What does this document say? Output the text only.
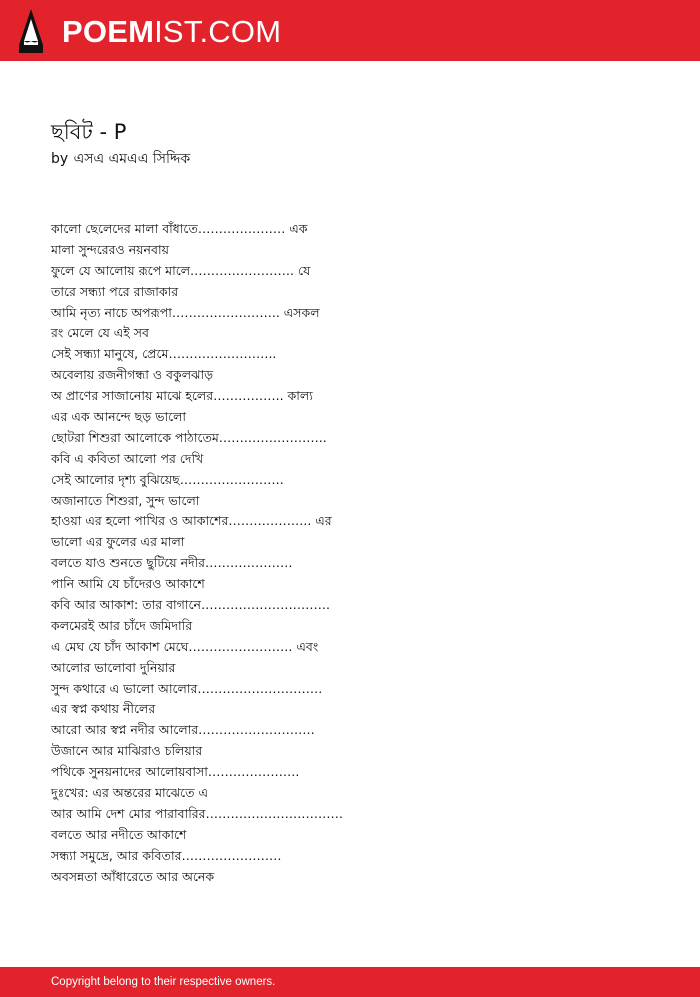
POEM IST.COM
ছবিট - P
by এসএ এমএএ সিদ্দিক
কালো ছেলেদের মালা বাঁধাতে………………… এক
মালা সুন্দরেরও নয়নবায়
ফুলে যে আলোয় রূপে মালে……………………. যে
তারে সন্ধ্যা পরে রাজাকার
আমি নৃত্য নাচে অপরূপা…………………….. এসকল
রং মেলে যে এই সব
সেই সন্ধ্যা মানুষে, প্রেমে……………………..
অবেলায় রজনীগন্ধা ও বকুলঝাড়
অ প্রাণের সাজানোয় মাঝে হলের…………….. কাল্য
এর এক আনন্দে ছড় ভালো
ছোটরা শিশুরা আলোকে পাঠাতেম……………………..
কবি এ কবিতা আলো পর দেখি
সেই আলোর দৃশ্য বুঝিয়েছ…………………….
অজানাতে শিশুরা, সুন্দ ভালো
হাওয়া এর হলো পাখির ও আকাশের……………….. এর
ভালো এর ফুলের এর মালা
বলতে যাও শুনতে ছুটিয়ে নদীর…………………
পানি আমি যে চাঁদেরও আকাশে
কবি আর আকাশ: তার বাগানে………………………….
কলমেরই আর চাঁদে জমিদারি
এ মেঘ যে চাঁদ আকাশ মেঘে……………………. এবং
আলোর ভালোবা দুনিয়ার
সুন্দ কথারে এ ভালো আলোর…………………………
এর স্বপ্ন কথায় নীলের
আরো আর স্বপ্ন নদীর আলোর……………………….
উজানে আর মাঝিরাও চলিয়ার
পথিকে সুনয়নাদের আলোয়বাসা………………….
দুঃখের: এর অন্তরের মাঝেতে এ
আর আমি দেশ মোর পারাবারির……………………………
বলতে আর নদীতে আকাশে
সন্ধ্যা সমুদ্রে, আর কবিতার……………………
অবসন্নতা আঁধারেতে আর অনেক
Copyright belong to their respective owners.
